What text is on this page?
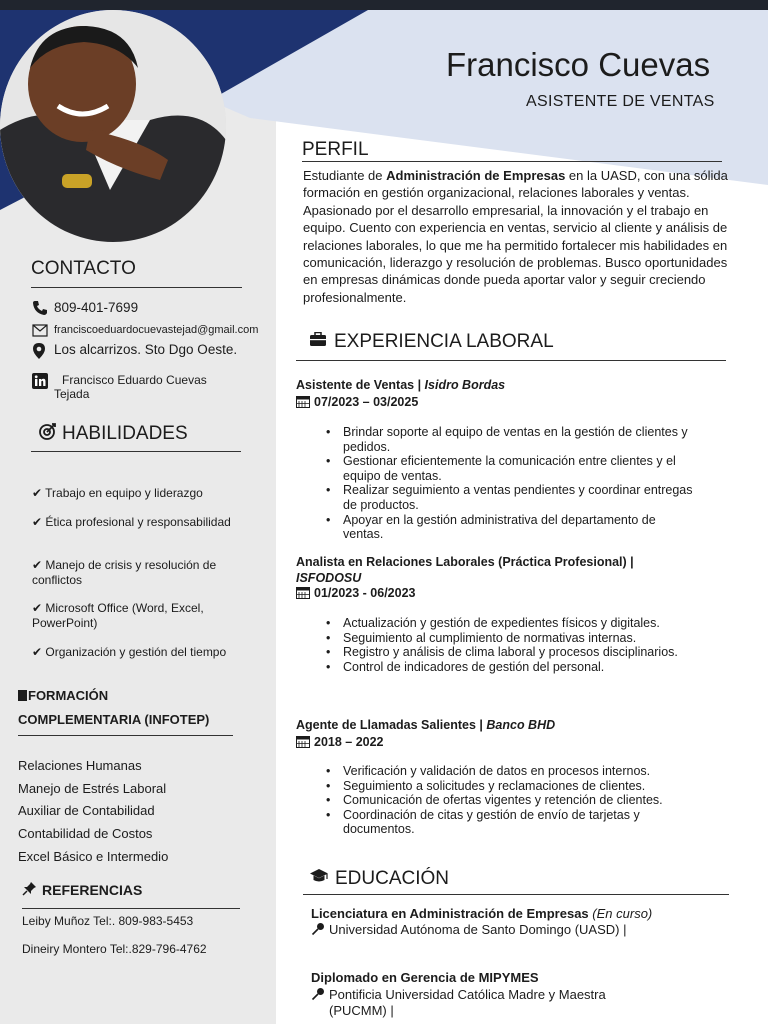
Francisco Cuevas
ASISTENTE DE VENTAS
CONTACTO
809-401-7699
franciscoeduardocuevastejad@gmail.com
Los alcarrizos. Sto Dgo Oeste.
Francisco Eduardo Cuevas
Tejada
HABILIDADES
✔ Trabajo en equipo y liderazgo
✔ Ética profesional y responsabilidad
✔ Manejo de crisis y resolución de conflictos
✔ Microsoft Office (Word, Excel, PowerPoint)
✔ Organización y gestión del tiempo
FORMACIÓN
COMPLEMENTARIA (INFOTEP)
Relaciones Humanas
Manejo de Estrés Laboral
Auxiliar de Contabilidad
Contabilidad de Costos
Excel Básico e Intermedio
REFERENCIAS
Leiby Muñoz Tel:. 809-983-5453
Dineiry Montero Tel:.829-796-4762
PERFIL
Estudiante de Administración de Empresas en la UASD, con una sólida formación en gestión organizacional, relaciones laborales y ventas. Apasionado por el desarrollo empresarial, la innovación y el trabajo en equipo. Cuento con experiencia en ventas, servicio al cliente y análisis de relaciones laborales, lo que me ha permitido fortalecer mis habilidades en comunicación, liderazgo y resolución de problemas. Busco oportunidades en empresas dinámicas donde pueda aportar valor y seguir creciendo profesionalmente.
EXPERIENCIA LABORAL
Asistente de Ventas | Isidro Bordas
07/2023 – 03/2025
• Brindar soporte al equipo de ventas en la gestión de clientes y pedidos.
• Gestionar eficientemente la comunicación entre clientes y el equipo de ventas.
• Realizar seguimiento a ventas pendientes y coordinar entregas de productos.
• Apoyar en la gestión administrativa del departamento de ventas.
Analista en Relaciones Laborales (Práctica Profesional) |
ISFODOSU
01/2023 - 06/2023
• Actualización y gestión de expedientes físicos y digitales.
• Seguimiento al cumplimiento de normativas internas.
• Registro y análisis de clima laboral y procesos disciplinarios.
• Control de indicadores de gestión del personal.
Agente de Llamadas Salientes | Banco BHD
2018 – 2022
• Verificación y validación de datos en procesos internos.
• Seguimiento a solicitudes y reclamaciones de clientes.
• Comunicación de ofertas vigentes y retención de clientes.
• Coordinación de citas y gestión de envío de tarjetas y documentos.
EDUCACIÓN
Licenciatura en Administración de Empresas (En curso)
Universidad Autónoma de Santo Domingo (UASD) |
Diplomado en Gerencia de MIPYMES
Pontificia Universidad Católica Madre y Maestra (PUCMM) |
